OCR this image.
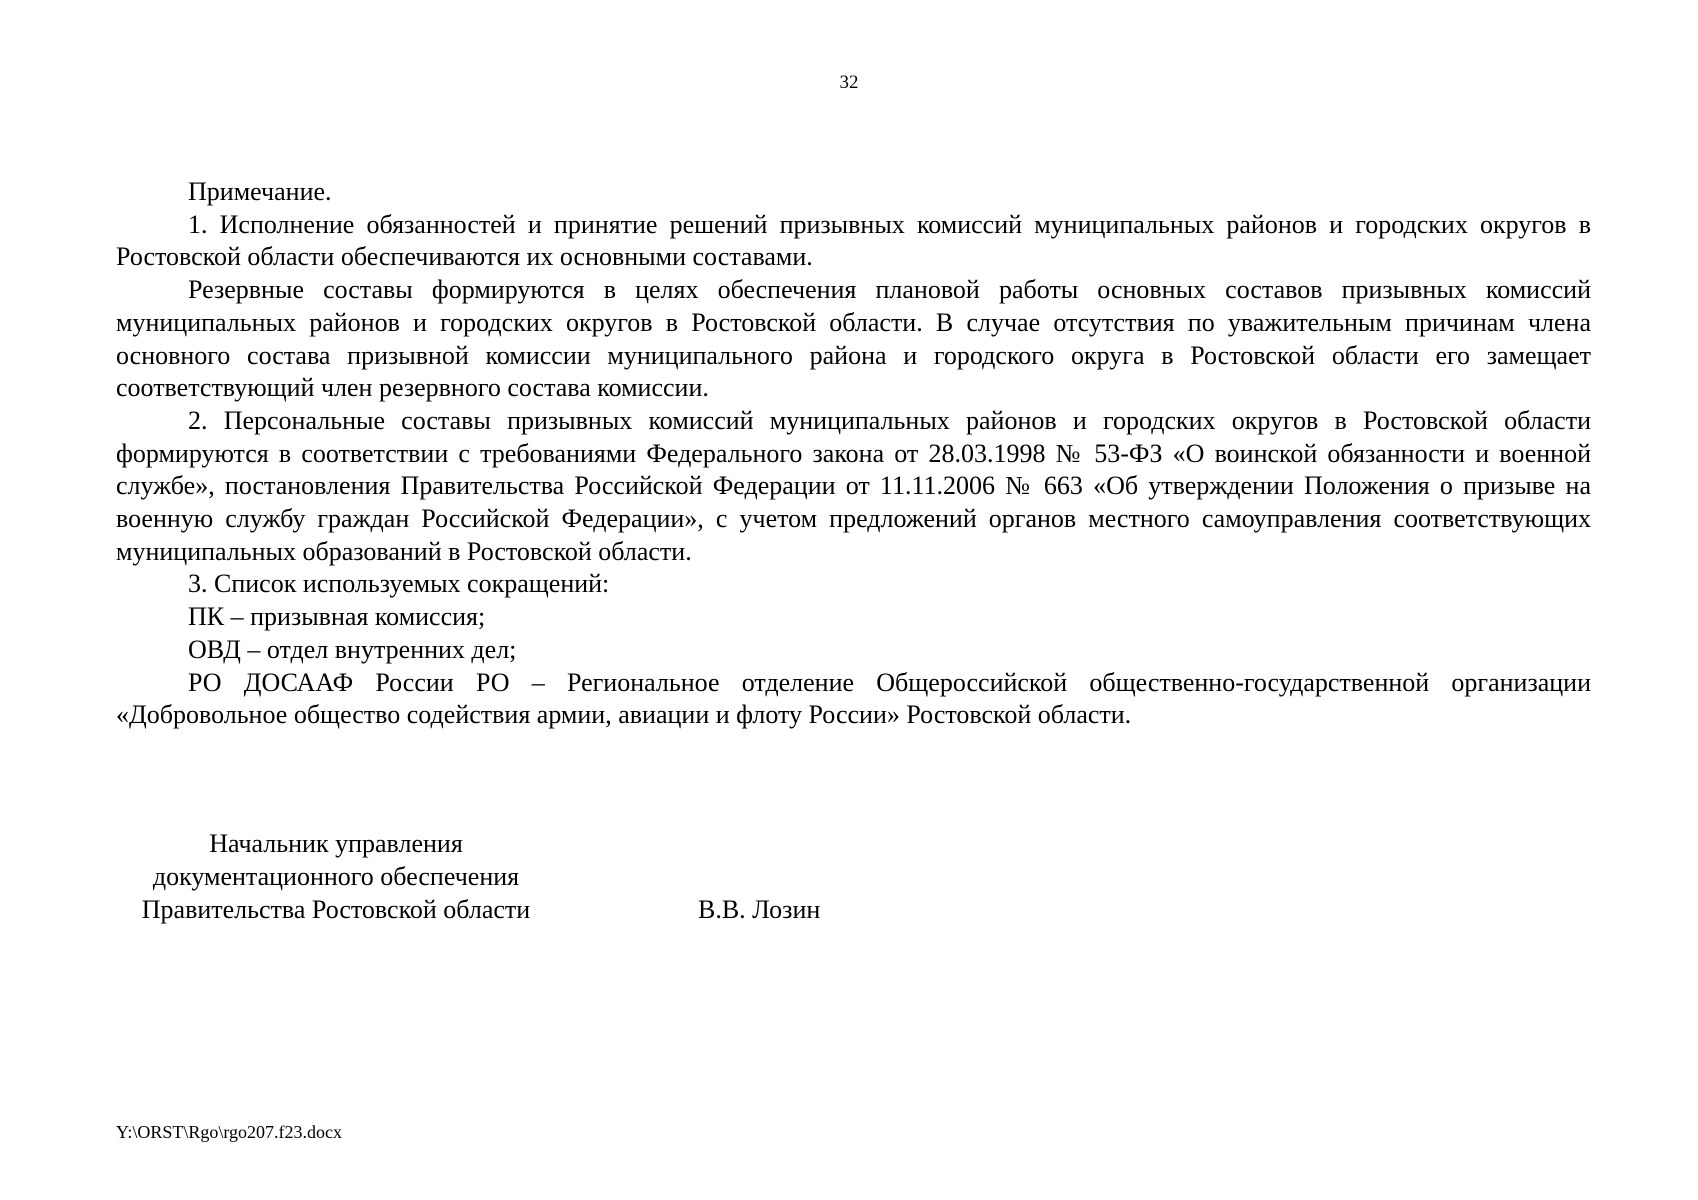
32

Примечание.

1. Исполнение обязанностей и принятие решений призывных комиссий муниципальных районов и городских округов в Ростовской области обеспечиваются их основными составами.

Резервные составы формируются в целях обеспечения плановой работы основных составов призывных комиссий муниципальных районов и городских округов в Ростовской области. В случае отсутствия по уважительным причинам члена основного состава призывной комиссии муниципального района и городского округа в Ростовской области его замещает соответствующий член резервного состава комиссии.

2. Персональные составы призывных комиссий муниципальных районов и городских округов в Ростовской области формируются в соответствии с требованиями Федерального закона от 28.03.1998 № 53-ФЗ «О воинской обязанности и военной службе», постановления Правительства Российской Федерации от 11.11.2006 № 663 «Об утверждении Положения о призыве на военную службу граждан Российской Федерации», с учетом предложений органов местного самоуправления соответствующих муниципальных образований в Ростовской области.

3. Список используемых сокращений:

ПК – призывная комиссия;

ОВД – отдел внутренних дел;

РО ДОСААФ России РО – Региональное отделение Общероссийской общественно-государственной организации «Добровольное общество содействия армии, авиации и флоту России» Ростовской области.

Начальник управления
документационного обеспечения
Правительства Ростовской области	В.В. Лозин
Y:\ORST\Rgo\rgo207.f23.docx
